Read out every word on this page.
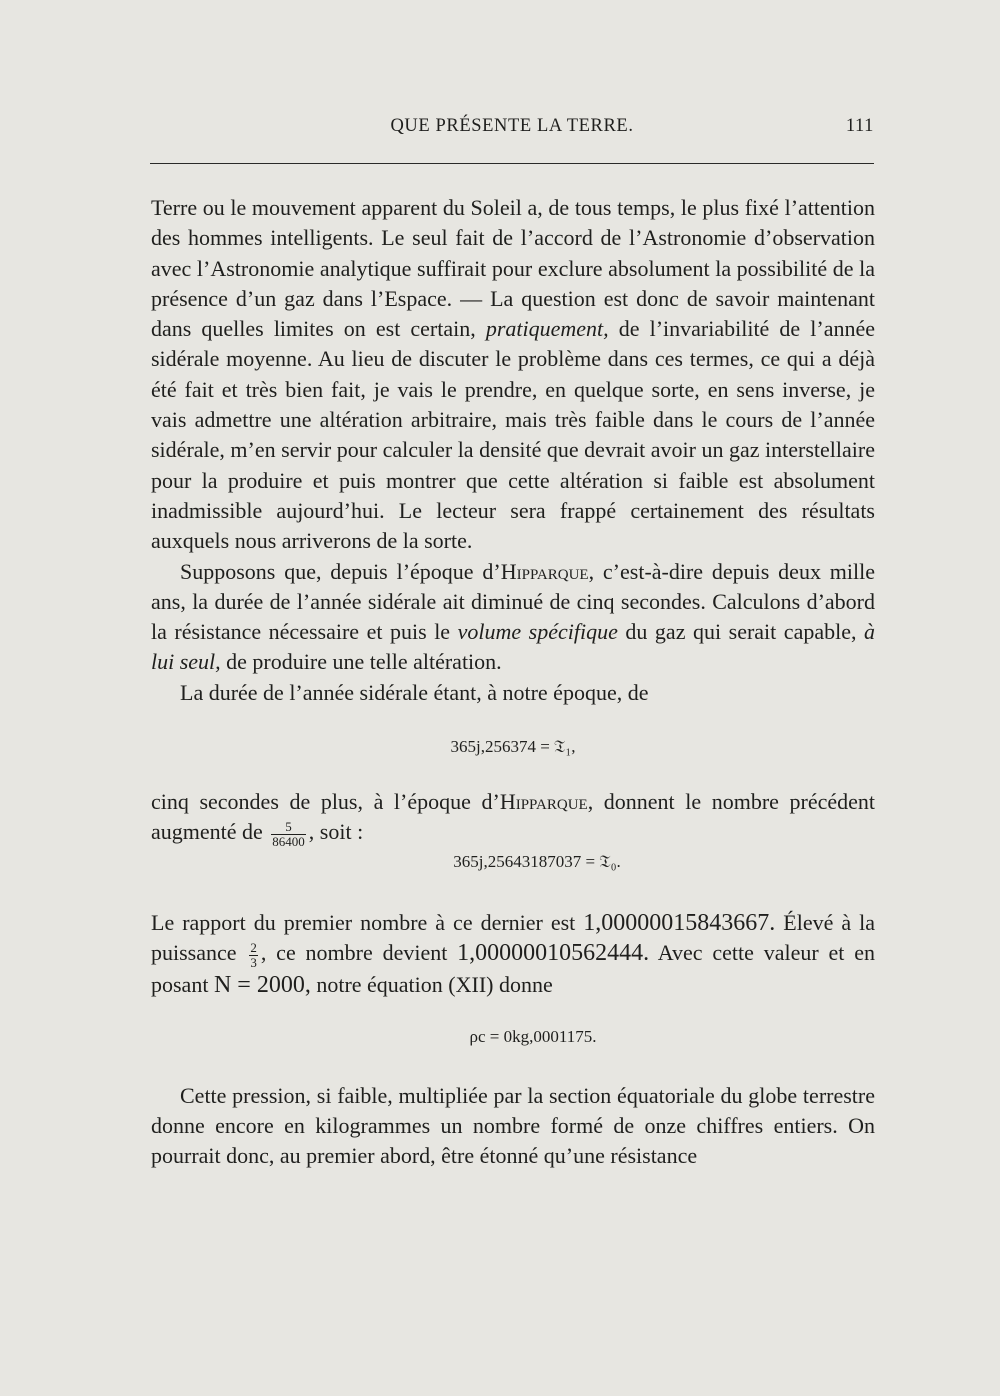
QUE PRÉSENTE LA TERRE.	111

Terre ou le mouvement apparent du Soleil a, de tous temps, le plus fixé l’attention des hommes intelligents. Le seul fait de l’accord de l’Astronomie d’observation avec l’Astronomie analytique suffirait pour exclure absolument la possibilité de la présence d’un gaz dans l’Espace. — La question est donc de savoir maintenant dans quelles limites on est certain, pratiquement, de l’invariabilité de l’année sidérale moyenne. Au lieu de discuter le problème dans ces termes, ce qui a déjà été fait et très bien fait, je vais le prendre, en quelque sorte, en sens inverse, je vais admettre une altération arbitraire, mais très faible dans le cours de l’année sidérale, m’en servir pour calculer la densité que devrait avoir un gaz interstellaire pour la produire et puis montrer que cette altération si faible est absolument inadmissible aujourd’hui. Le lecteur sera frappé certainement des résultats auxquels nous arriverons de la sorte.

Supposons que, depuis l’époque d’Hipparque, c’est-à-dire depuis deux mille ans, la durée de l’année sidérale ait diminué de cinq secondes. Calculons d’abord la résistance nécessaire et puis le volume spécifique du gaz qui serait capable, à lui seul, de produire une telle altération.

La durée de l’année sidérale étant, à notre époque, de

365j,256374 = 𝔗₁,

cinq secondes de plus, à l’époque d’Hipparque, donnent le nombre précédent augmenté de $\frac{5}{86400}$ , soit :

365j,25643187037 = 𝔗₀.

Le rapport du premier nombre à ce dernier est 1,00000015843667. Élevé à la puissance $\frac{2}{3}$ , ce nombre devient 1,00000010562444. Avec cette valeur et en posant N = 2000, notre équation (XII) donne

ρc = 0kg,0001175.

Cette pression, si faible, multipliée par la section équatoriale du globe terrestre donne encore en kilogrammes un nombre formé de onze chiffres entiers. On pourrait donc, au premier abord, être étonné qu’une résistance
